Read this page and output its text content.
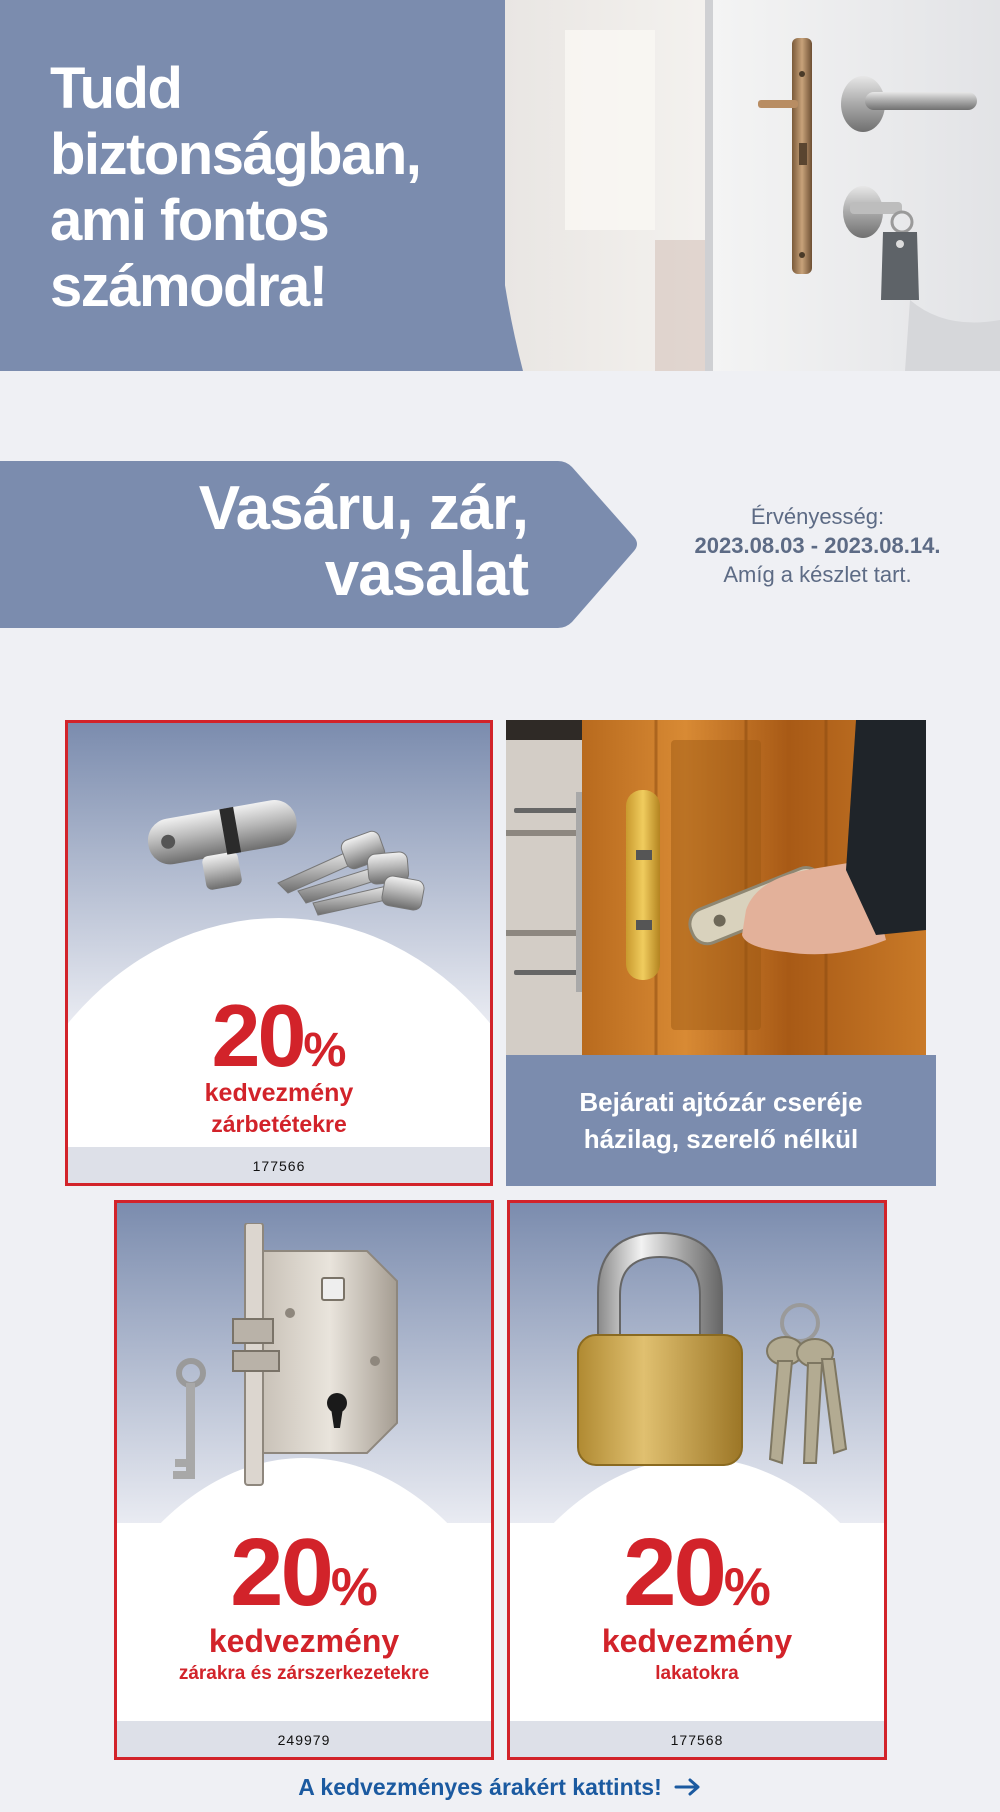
Tudd biztonságban, ami fontos számodra!
Vasáru, zár, vasalat
Érvényesség:
2023.08.03 - 2023.08.14.
Amíg a készlet tart.
20%
kedvezmény
zárbetétekre
177566
Bejárati ajtózár cseréje házilag, szerelő nélkül
20%
kedvezmény
zárakra és zárszerkezetekre
249979
20%
kedvezmény
lakatokra
177568
A kedvezményes árakért kattints!
